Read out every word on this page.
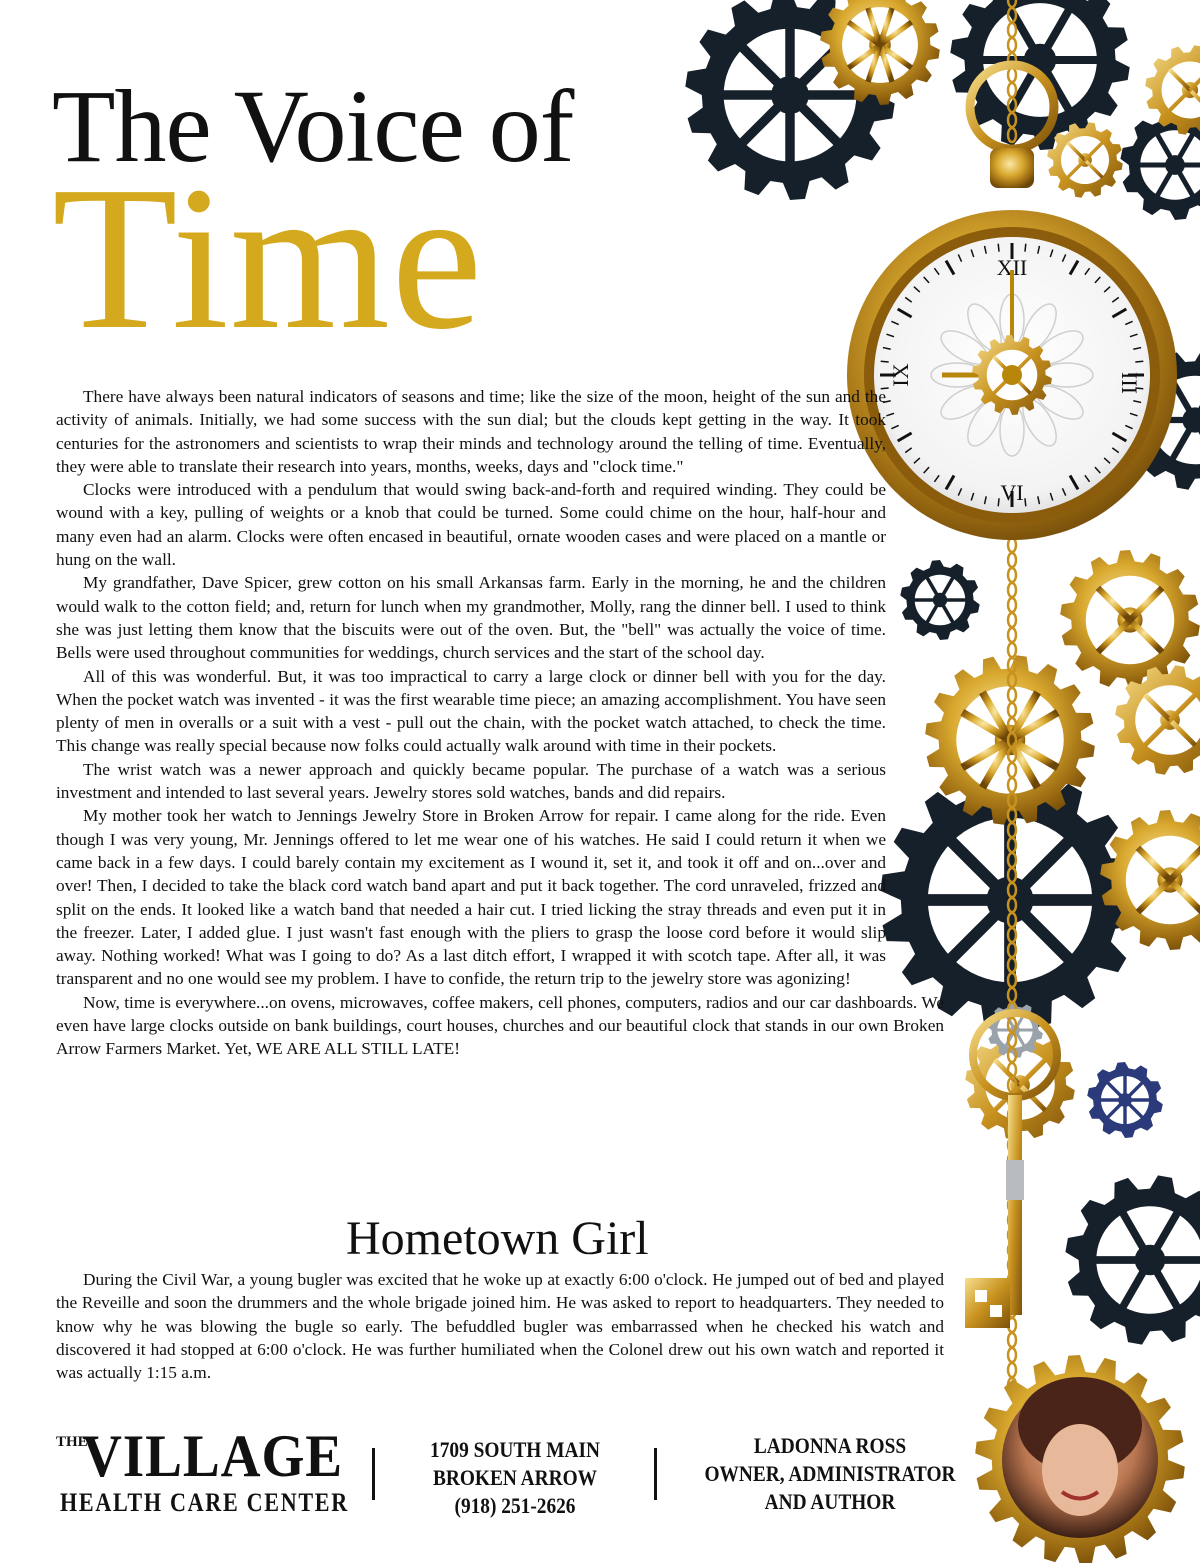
XII
III
VI
IX
The Voice of
Time

There have always been natural indicators of seasons and time; like the size of the moon, height of the sun and the activity of animals. Initially, we had some success with the sun dial; but the clouds kept getting in the way. It took centuries for the astronomers and scientists to wrap their minds and technology around the telling of time. Eventually, they were able to translate their research into years, months, weeks, days and "clock time."

Clocks were introduced with a pendulum that would swing back-and-forth and required winding. They could be wound with a key, pulling of weights or a knob that could be turned. Some could chime on the hour, half-hour and many even had an alarm. Clocks were often encased in beautiful, ornate wooden cases and were placed on a mantle or hung on the wall.

My grandfather, Dave Spicer, grew cotton on his small Arkansas farm. Early in the morning, he and the children would walk to the cotton field; and, return for lunch when my grandmother, Molly, rang the dinner bell. I used to think she was just letting them know that the biscuits were out of the oven. But, the "bell" was actually the voice of time. Bells were used throughout communities for weddings, church services and the start of the school day.

All of this was wonderful. But, it was too impractical to carry a large clock or dinner bell with you for the day. When the pocket watch was invented - it was the first wearable time piece; an amazing accomplishment. You have seen plenty of men in overalls or a suit with a vest - pull out the chain, with the pocket watch attached, to check the time. This change was really special because now folks could actually walk around with time in their pockets.

The wrist watch was a newer approach and quickly became popular. The purchase of a watch was a serious investment and intended to last several years. Jewelry stores sold watches, bands and did repairs.

My mother took her watch to Jennings Jewelry Store in Broken Arrow for repair. I came along for the ride. Even though I was very young, Mr. Jennings offered to let me wear one of his watches. He said I could return it when we came back in a few days. I could barely contain my excitement as I wound it, set it, and took it off and on...over and over! Then, I decided to take the black cord watch band apart and put it back together. The cord unraveled, frizzed and split on the ends. It looked like a watch band that needed a hair cut. I tried licking the stray threads and even put it in the freezer. Later, I added glue. I just wasn't fast enough with the pliers to grasp the loose cord before it would slip away. Nothing worked! What was I going to do? As a last ditch effort, I wrapped it with scotch tape. After all, it was transparent and no one would see my problem. I have to confide, the return trip to the jewelry store was agonizing!

Now, time is everywhere...on ovens, microwaves, coffee makers, cell phones, computers, radios and our car dashboards. We even have large clocks outside on bank buildings, court houses, churches and our beautiful clock that stands in our own Broken Arrow Farmers Market. Yet, WE ARE ALL STILL LATE!

Hometown Girl

During the Civil War, a young bugler was excited that he woke up at exactly 6:00 o'clock. He jumped out of bed and played the Reveille and soon the drummers and the whole brigade joined him. He was asked to report to headquarters. They needed to know why he was blowing the bugle so early. The befuddled bugler was embarrassed when he checked his watch and discovered it had stopped at 6:00 o'clock. He was further humiliated when the Colonel drew out his own watch and reported it was actually 1:15 a.m.

THE
VILLAGE
HEALTH CARE CENTER
1709 SOUTH MAIN
BROKEN ARROW
(918) 251-2626
LADONNA ROSS
OWNER, ADMINISTRATOR
AND AUTHOR
